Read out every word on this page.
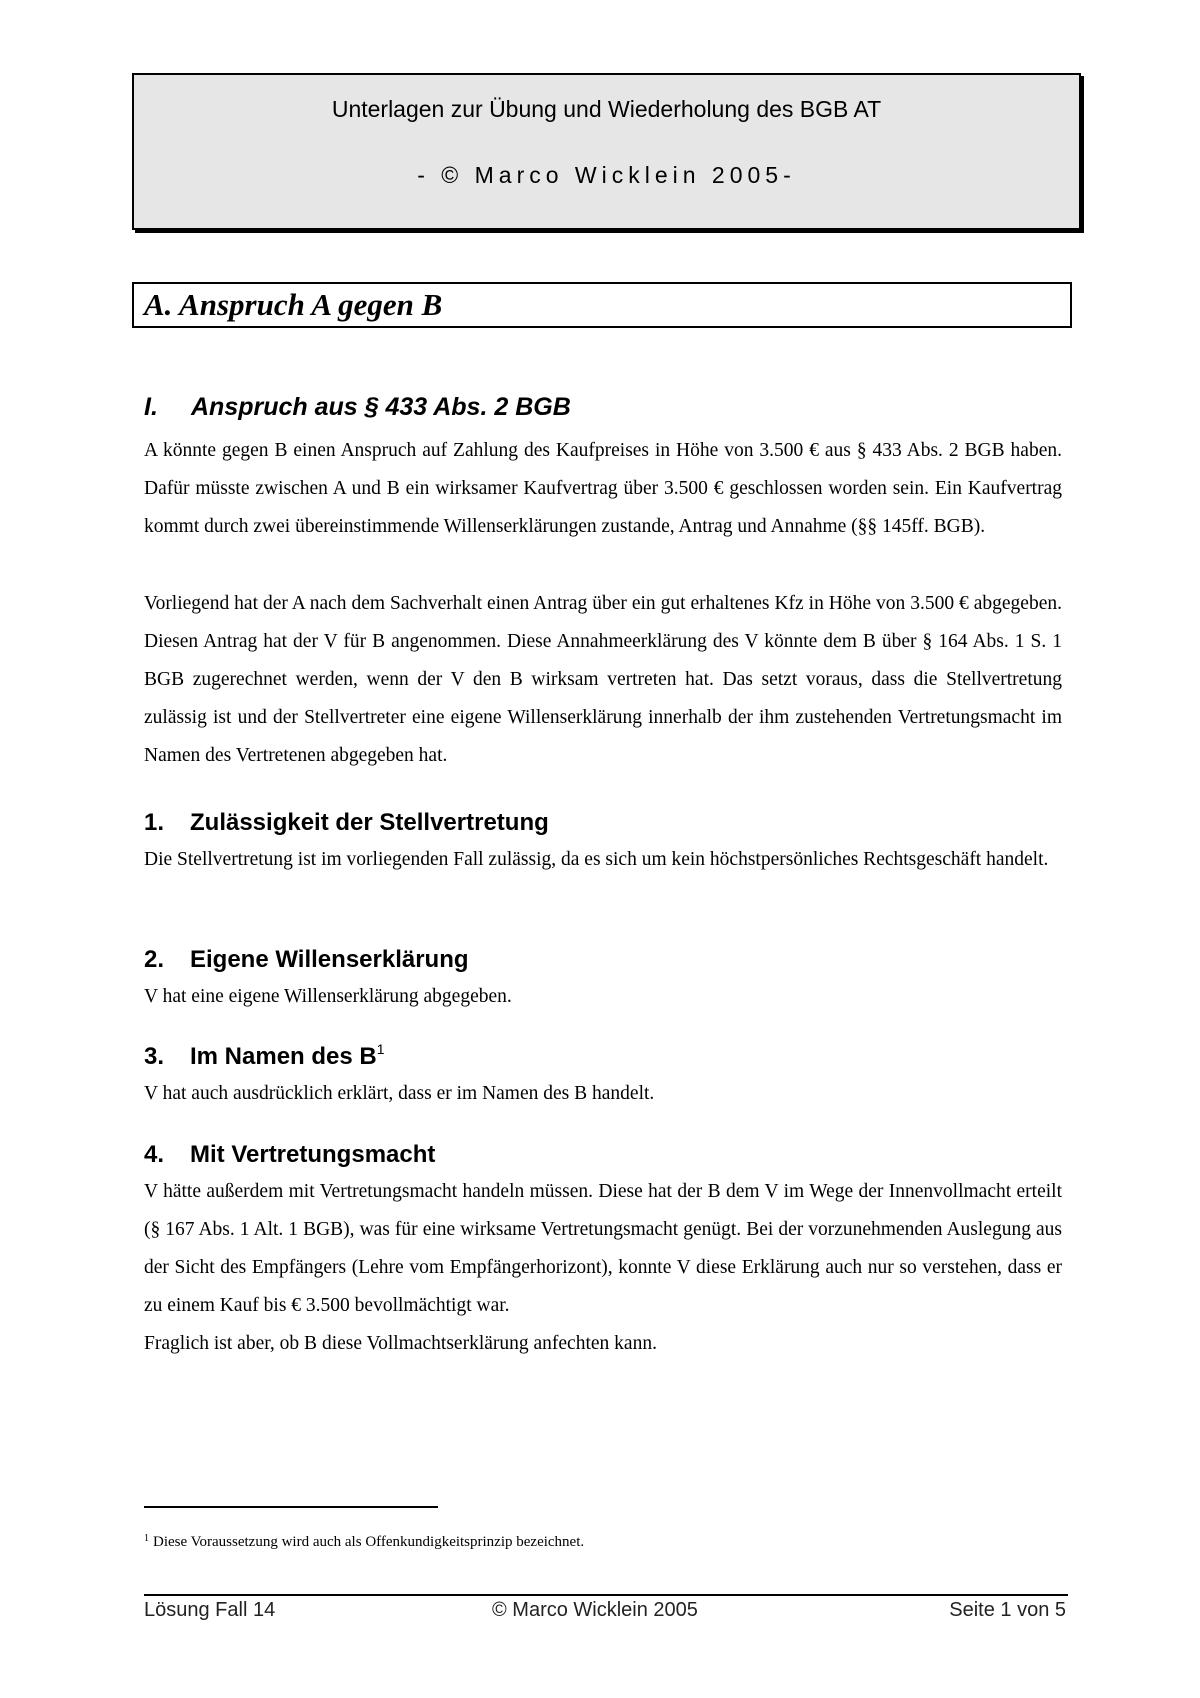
Unterlagen zur Übung und Wiederholung des BGB AT
- © Marco Wicklein 2005-
A. Anspruch A gegen B
I. Anspruch aus § 433 Abs. 2 BGB

A könnte gegen B einen Anspruch auf Zahlung des Kaufpreises in Höhe von 3.500 € aus § 433 Abs. 2 BGB haben. Dafür müsste zwischen A und B ein wirksamer Kaufvertrag über 3.500 € geschlossen worden sein. Ein Kaufvertrag kommt durch zwei übereinstimmende Willenserklärungen zustande, Antrag und Annahme (§§ 145ff. BGB).

Vorliegend hat der A nach dem Sachverhalt einen Antrag über ein gut erhaltenes Kfz in Höhe von 3.500 € abgegeben. Diesen Antrag hat der V für B angenommen. Diese Annahmeerklärung des V könnte dem B über § 164 Abs. 1 S. 1 BGB zugerechnet werden, wenn der V den B wirksam vertreten hat. Das setzt voraus, dass die Stellvertretung zulässig ist und der Stellvertreter eine eigene Willenserklärung innerhalb der ihm zustehenden Vertretungsmacht im Namen des Vertretenen abgegeben hat.

1. Zulässigkeit der Stellvertretung

Die Stellvertretung ist im vorliegenden Fall zulässig, da es sich um kein höchstpersönliches Rechtsgeschäft handelt.

2. Eigene Willenserklärung

V hat eine eigene Willenserklärung abgegeben.

3. Im Namen des $B^1$

V hat auch ausdrücklich erklärt, dass er im Namen des B handelt.

4. Mit Vertretungsmacht

V hätte außerdem mit Vertretungsmacht handeln müssen. Diese hat der B dem V im Wege der Innenvollmacht erteilt (§ 167 Abs. 1 Alt. 1 BGB), was für eine wirksame Vertretungsmacht genügt. Bei der vorzunehmenden Auslegung aus der Sicht des Empfängers (Lehre vom Empfängerhorizont), konnte V diese Erklärung auch nur so verstehen, dass er zu einem Kauf bis € 3.500 bevollmächtigt war.

Fraglich ist aber, ob B diese Vollmachtserklärung anfechten kann.

$^1$ Diese Voraussetzung wird auch als Offenkundigkeitsprinzip bezeichnet.
Lösung Fall 14	© Marco Wicklein 2005	Seite 1 von 5
